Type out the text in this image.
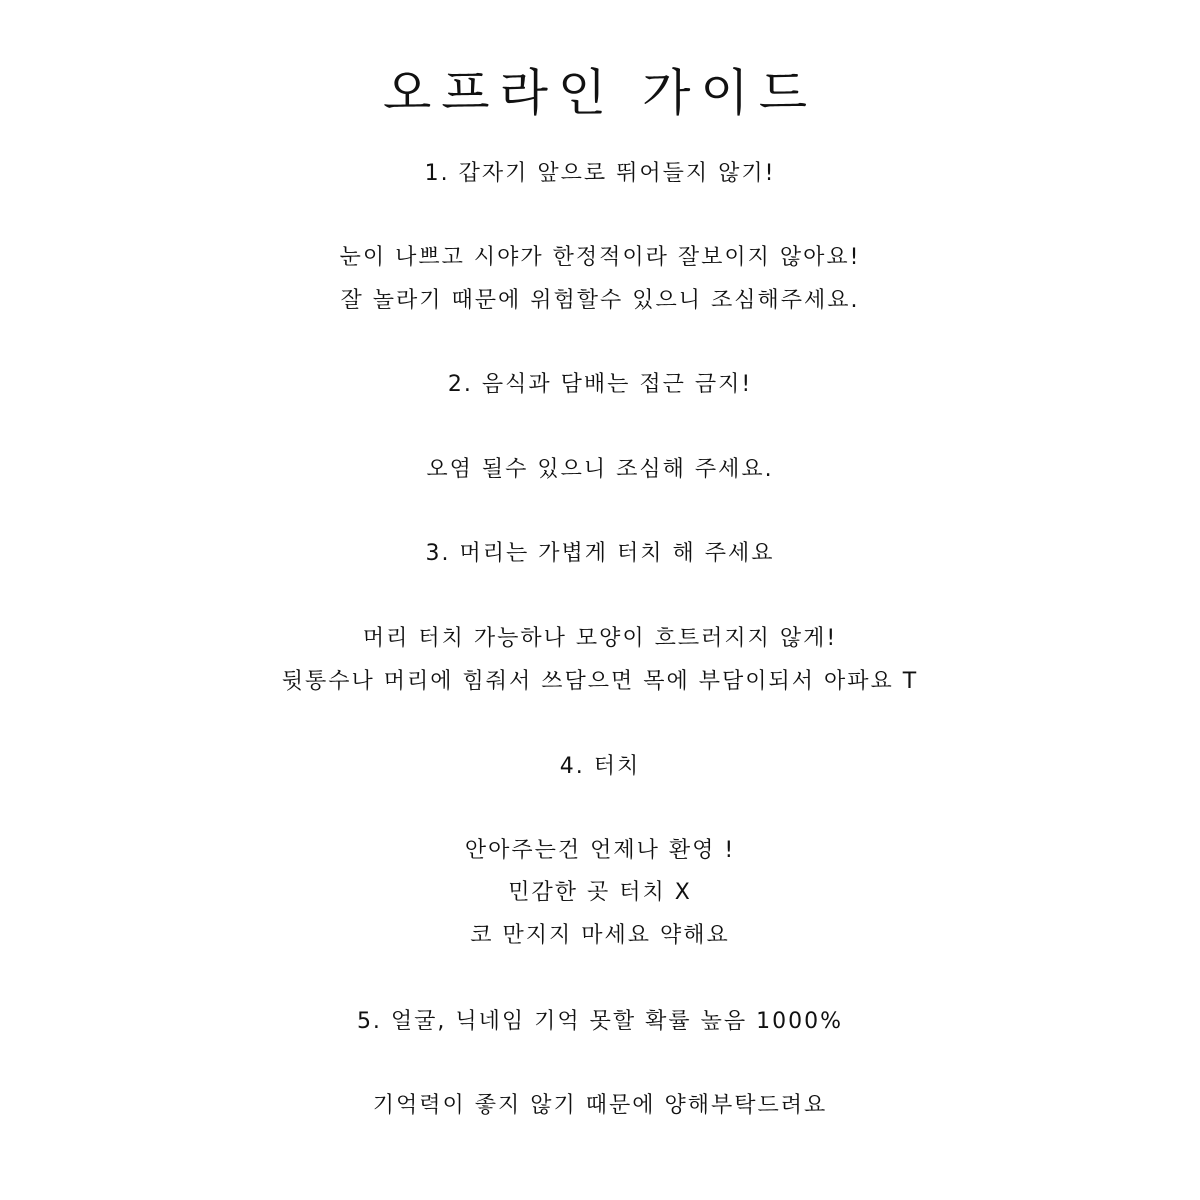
오프라인 가이드
1. 갑자기 앞으로 뛰어들지 않기!
눈이 나쁘고 시야가 한정적이라 잘보이지 않아요!
잘 놀라기 때문에 위험할수 있으니 조심해주세요.
2. 음식과 담배는 접근 금지!
오염 될수 있으니 조심해 주세요.
3. 머리는 가볍게 터치 해 주세요
머리 터치 가능하나 모양이 흐트러지지 않게!
뒷통수나 머리에 힘줘서 쓰담으면 목에 부담이되서 아파요 T
4. 터치
안아주는건 언제나 환영 !
민감한 곳 터치 X
코 만지지 마세요 약해요
5. 얼굴, 닉네임 기억 못할 확률 높음 1000%
기억력이 좋지 않기 때문에 양해부탁드려요
